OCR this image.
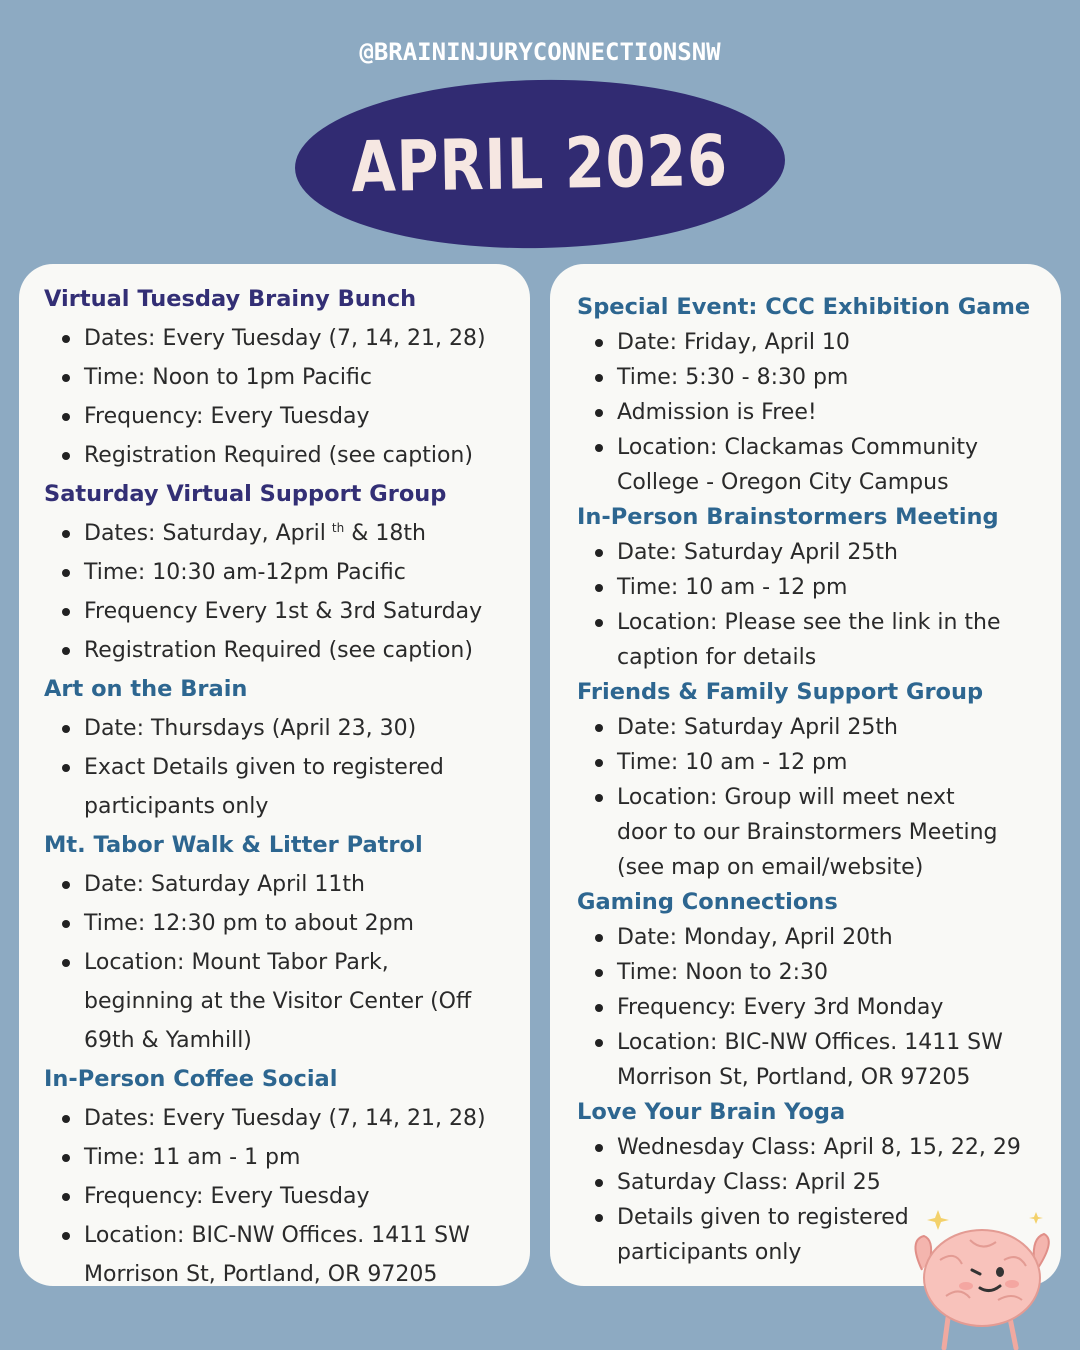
@BRAININJURYCONNECTIONSNW
APRIL 2026
Virtual Tuesday Brainy Bunch
Dates: Every Tuesday (7, 14, 21, 28)
Time: Noon to 1pm Pacific
Frequency: Every Tuesday
Registration Required (see caption)
Saturday Virtual Support Group
Dates: Saturday, April $^{th}$ & 18th
Time: 10:30 am-12pm Pacific
Frequency Every 1st & 3rd Saturday
Registration Required (see caption)
Art on the Brain
Date: Thursdays (April 23, 30)
Exact Details given to registered
participants only
Mt. Tabor Walk & Litter Patrol
Date: Saturday April 11th
Time: 12:30 pm to about 2pm
Location: Mount Tabor Park,
beginning at the Visitor Center (Off
69th & Yamhill)
In-Person Coffee Social
Dates: Every Tuesday (7, 14, 21, 28)
Time: 11 am - 1 pm
Frequency: Every Tuesday
Location: BIC-NW Offices. 1411 SW
Morrison St, Portland, OR 97205
Special Event: CCC Exhibition Game
Date: Friday, April 10
Time: 5:30 - 8:30 pm
Admission is Free!
Location: Clackamas Community
College - Oregon City Campus
In-Person Brainstormers Meeting
Date: Saturday April 25th
Time: 10 am - 12 pm
Location: Please see the link in the
caption for details
Friends & Family Support Group
Date: Saturday April 25th
Time: 10 am - 12 pm
Location: Group will meet next
door to our Brainstormers Meeting
(see map on email/website)
Gaming Connections
Date: Monday, April 20th
Time: Noon to 2:30
Frequency: Every 3rd Monday
Location: BIC-NW Offices. 1411 SW
Morrison St, Portland, OR 97205
Love Your Brain Yoga
Wednesday Class: April 8, 15, 22, 29
Saturday Class: April 25
Details given to registered
participants only
